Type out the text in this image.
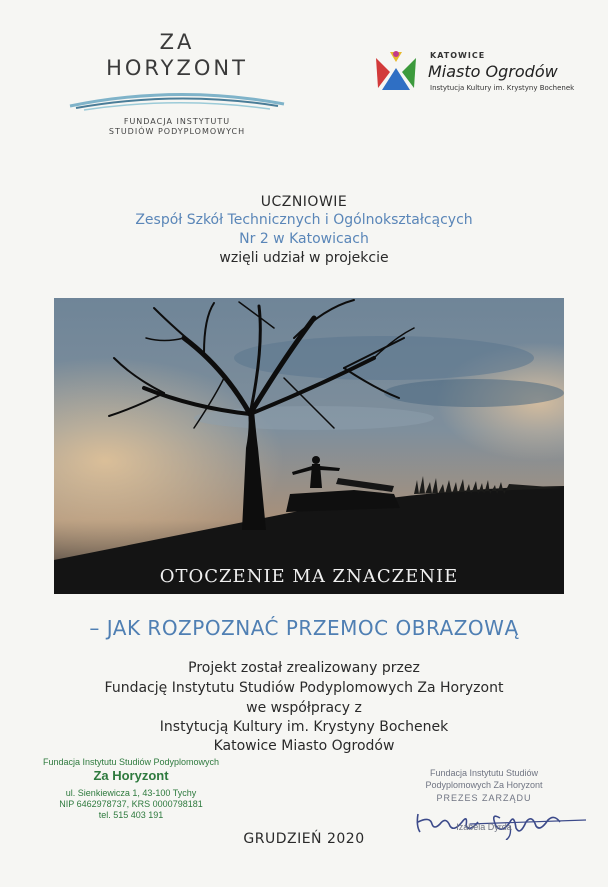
ZA
HORYZONT
FUNDACJA INSTYTUTU
STUDIÓW PODYPLOMOWYCH
KATOWICE
Miasto Ogrodów
Instytucja Kultury im. Krystyny Bochenek
UCZNIOWIE
Zespół Szkół Technicznych i Ogólnokształcących
Nr 2 w Katowicach
wzięli udział w projekcie
OTOCZENIE MA ZNACZENIE
– JAK ROZPOZNAĆ PRZEMOC OBRAZOWĄ
Projekt został zrealizowany przez
Fundację Instytutu Studiów Podyplomowych Za Horyzont
we współpracy z
Instytucją Kultury im. Krystyny Bochenek
Katowice Miasto Ogrodów
Fundacja Instytutu Studiów Podyplomowych
Za Horyzont
ul. Sienkiewicza 1, 43-100 Tychy
NIP 6462978737, KRS 0000798181
tel. 515 403 191
Fundacja Instytutu Studiów
Podyplomowych Za Horyzont
PREZES ZARZĄDU
Izabela Dyrda
GRUDZIEŃ 2020
